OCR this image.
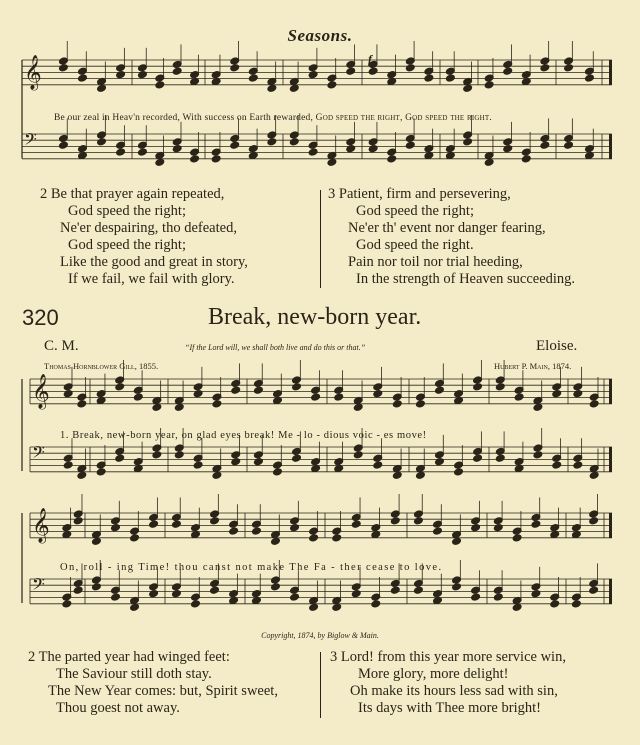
𝄞
𝄢
𝄞
𝄢
𝄞
𝄢
Seasons.
f
Be our zeal in Heav'n recorded, With success on Earth rewarded, God speed the right, God speed the right.
2 Be that prayer again repeated,
God speed the right;
Ne'er despairing, tho defeated,
God speed the right;
Like the good and great in story,
If we fail, we fail with glory.
3 Patient, firm and persevering,
God speed the right;
Ne'er th' event nor danger fearing,
God speed the right.
Pain nor toil nor trial heeding,
In the strength of Heaven succeeding.
320	Break, new-born year.
C. M.	Eloise.
“If the Lord will, we shall both live and do this or that.”
Thomas Hornblower Gill, 1855.	Hubert P. Main, 1874.
1. Break, new-born year, on glad eyes break! Me - lo - dious voic - es move!
On, roll - ing Time! thou canst not make The Fa - ther cease to love.
Copyright, 1874, by Biglow & Main.
2 The parted year had winged feet:
The Saviour still doth stay.
The New Year comes: but, Spirit sweet,
Thou goest not away.
3 Lord! from this year more service win,
More glory, more delight!
Oh make its hours less sad with sin,
Its days with Thee more bright!
